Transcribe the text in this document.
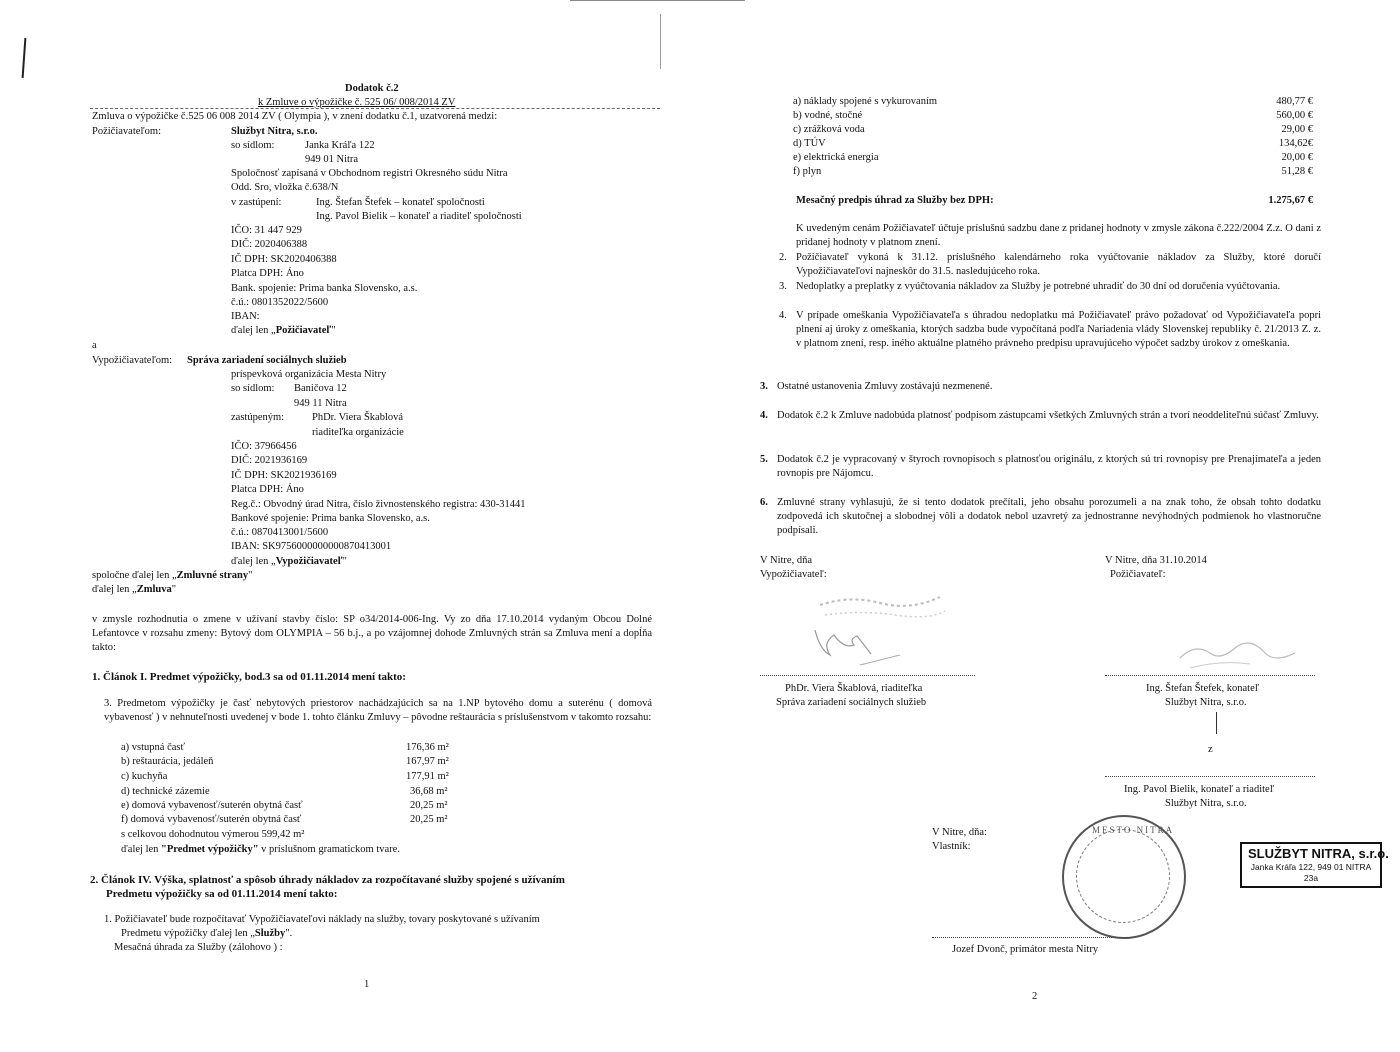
Dodatok č.2
k Zmluve o výpožičke č. 525 06/ 008/2014 ZV
Zmluva o výpožičke č.525 06 008 2014 ZV ( Olympia ), v znení dodatku č.1, uzatvorená medzi:
Požičiavateľom:	Službyt Nitra, s.r.o.
so sídlom:	Janka Kráľa 122
949 01 Nitra
Spoločnosť zapísaná v Obchodnom registri Okresného súdu Nitra
Odd. Sro, vložka č.638/N
v zastúpení:	Ing. Štefan Štefek – konateľ spoločnosti
Ing. Pavol Bielik – konateľ a riaditeľ spoločnosti
IČO: 31 447 929
DIČ: 2020406388
IČ DPH: SK2020406388
Platca DPH: Áno
Bank. spojenie: Prima banka Slovensko, a.s.
č.ú.: 0801352022/5600
IBAN:
ďalej len „Požičiavateľ"
a
Vypožičiavateľom: Správa zariadení sociálnych služieb
príspevková organizácia Mesta Nitry
so sídlom: Baničova 12
949 11 Nitra
zastúpeným:	PhDr. Viera Škablová
riaditeľka organizácie
IČO: 37966456
DIČ: 2021936169
IČ DPH: SK2021936169
Platca DPH: Áno
Reg.č.: Obvodný úrad Nitra, číslo živnostenského registra: 430-31441
Bankové spojenie: Prima banka Slovensko, a.s.
č.ú.: 0870413001/5600
IBAN: SK9756000000000870413001
ďalej len „Vypožičiavateľ"
spoločne ďalej len „Zmluvné strany"
ďalej len „Zmluva"
v zmysle rozhodnutia o zmene v užívaní stavby číslo: SP o34/2014-006-Ing. Vy zo dňa 17.10.2014 vydaným Obcou Dolné Lefantovce v rozsahu zmeny: Bytový dom OLYMPIA – 56 b.j., a po vzájomnej dohode Zmluvných strán sa Zmluva mení a dopĺňa takto:
1. Článok I. Predmet výpožičky, bod.3 sa od 01.11.2014 mení takto:
3. Predmetom výpožičky je časť nebytových priestorov nachádzajúcich sa na 1.NP bytového domu a suterénu ( domová vybavenosť ) v nehnuteľnosti uvedenej v bode 1. tohto článku Zmluvy – pôvodne reštaurácia s príslušenstvom v takomto rozsahu:
a) vstupná časť	176,36 m²
b) reštaurácia, jedáleň	167,97 m²
c) kuchyňa	177,91 m²
d) technické zázemie	36,68 m²
e) domová vybavenosť/suterén obytná časť	20,25 m²
f) domová vybavenosť/suterén obytná časť	20,25 m²
s celkovou dohodnutou výmerou 599,42 m²
ďalej len "Predmet výpožičky" v príslušnom gramatickom tvare.
2. Článok IV. Výška, splatnosť a spôsob úhrady nákladov za rozpočítavané služby spojené s užívaním
Predmetu výpožičky sa od 01.11.2014 mení takto:
1. Požičiavateľ bude rozpočítavať Vypožičiavateľovi náklady na služby, tovary poskytované s užívaním
Predmetu výpožičky ďalej len „Služby".
Mesačná úhrada za Služby (zálohovo ) :
1
a) náklady spojené s vykurovaním	480,77 €
b) vodné, stočné	560,00 €
c) zrážková voda	29,00 €
d) TÚV	134,62€
e) elektrická energia	20,00 €
f) plyn	51,28 €
Mesačný predpis úhrad za Služby bez DPH:	1.275,67 €
K uvedeným cenám Požičiavateľ účtuje príslušnú sadzbu dane z pridanej hodnoty v zmysle zákona č.222/2004 Z.z. O dani z pridanej hodnoty v platnom znení.
2. Požičiavateľ vykoná k 31.12. príslušného kalendárneho roka vyúčtovanie nákladov za Služby, ktoré doručí Vypožičiavateľovi najneskôr do 31.5. nasledujúceho roka.
3. Nedoplatky a preplatky z vyúčtovania nákladov za Služby je potrebné uhradiť do 30 dní od doručenia vyúčtovania.
4. V prípade omeškania Vypožičiavateľa s úhradou nedoplatku má Požičiavateľ právo požadovať od Vypožičiavateľa popri plnení aj úroky z omeškania, ktorých sadzba bude vypočítaná podľa Nariadenia vlády Slovenskej republiky č. 21/2013 Z. z. v platnom znení, resp. iného aktuálne platného právneho predpisu upravujúceho výpočet sadzby úrokov z omeškania.
3. Ostatné ustanovenia Zmluvy zostávajú nezmenené.
4. Dodatok č.2 k Zmluve nadobúda platnosť podpisom zástupcami všetkých Zmluvných strán a tvorí neoddeliteľnú súčasť Zmluvy.
5. Dodatok č.2 je vypracovaný v štyroch rovnopisoch s platnosťou originálu, z ktorých sú tri rovnopisy pre Prenajímateľa a jeden rovnopis pre Nájomcu.
6. Zmluvné strany vyhlasujú, že si tento dodatok prečítali, jeho obsahu porozumeli a na znak toho, že obsah tohto dodatku zodpovedá ich skutočnej a slobodnej vôli a dodatok nebol uzavretý za jednostranne nevýhodných podmienok ho vlastnoručne podpísali.
V Nitre, dňa
Vypožičiavateľ:
V Nitre, dňa 31.10.2014
Požičiavateľ:
PhDr. Viera Škablová, riaditeľka
Správa zariadení sociálnych služieb
Ing. Štefan Štefek, konateľ
Službyt Nitra, s.r.o.
z
Ing. Pavol Bielik, konateľ a riaditeľ
Službyt Nitra, s.r.o.
V Nitre, dňa:
Vlastník:
MESTO NITRA
SLUŽBYT NITRA, s.r.o.
Janka Kráľa 122, 949 01 NITRA
23a
Jozef Dvonč, primátor mesta Nitry
2
